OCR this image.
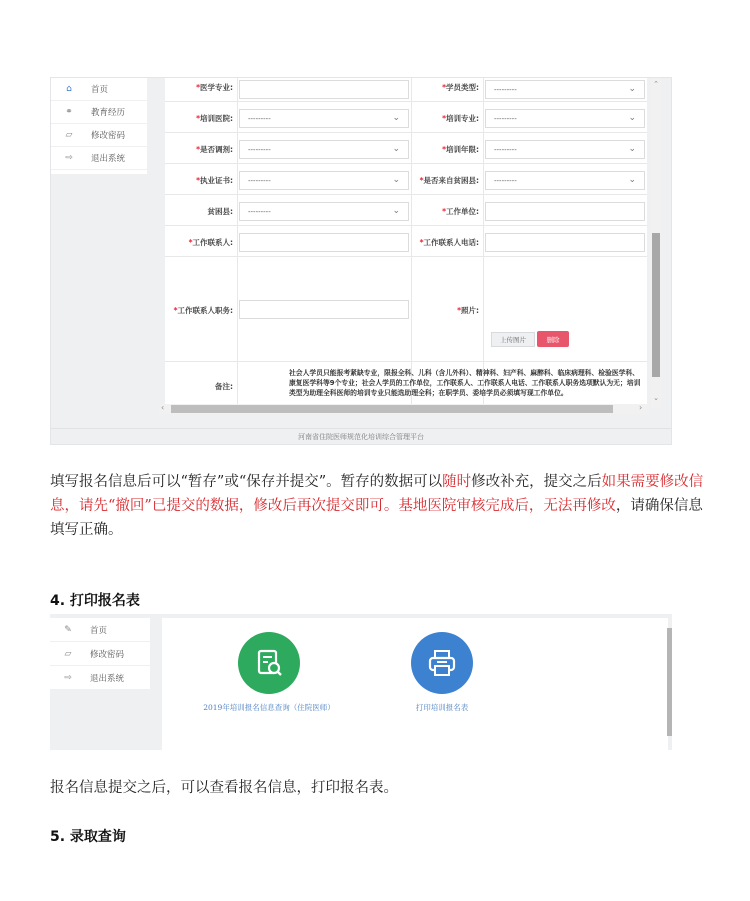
⌂	首页
⚭ 教育经历
▱ 修改密码
⇨ 退出系统
*医学专业:	*学员类型: ---------	⌄
*培训医院: ---------	⌄	*培训专业: ---------	⌄
*是否调剂: ---------	⌄	*培训年限: ---------	⌄
*执业证书: ---------	⌄	*是否来自贫困县: ---------	⌄
贫困县: ---------	⌄	*工作单位:
*工作联系人:	*工作联系人电话:
*工作联系人职务:	*照片:
上传图片	删除
备注:
社会人学员只能报考紧缺专业，限报全科、儿科（含儿外科）、精神科、妇产科、麻醉科、临床病理科、检验医学科、康复医学科等9个专业；社会人学员的工作单位，工作联系人、工作联系人电话、工作联系人职务选项默认为无；培训类型为助理全科医师的培训专业只能选助理全科；在职学员、委培学员必须填写现工作单位。
⌃
⌄
‹	›
河南省住院医师规范化培训综合管理平台
填写报名信息后可以“暂存”或“保存并提交”。暂存的数据可以随时修改补充，提交之后如果需要修改信息，请先“撤回”已提交的数据，修改后再次提交即可。基地医院审核完成后，无法再修改，请确保信息填写正确。
4. 打印报名表
✎ 首页
▱ 修改密码
⇨ 退出系统
2019年培训报名信息查询（住院医师）	打印培训报名表
报名信息提交之后，可以查看报名信息，打印报名表。
5. 录取查询
